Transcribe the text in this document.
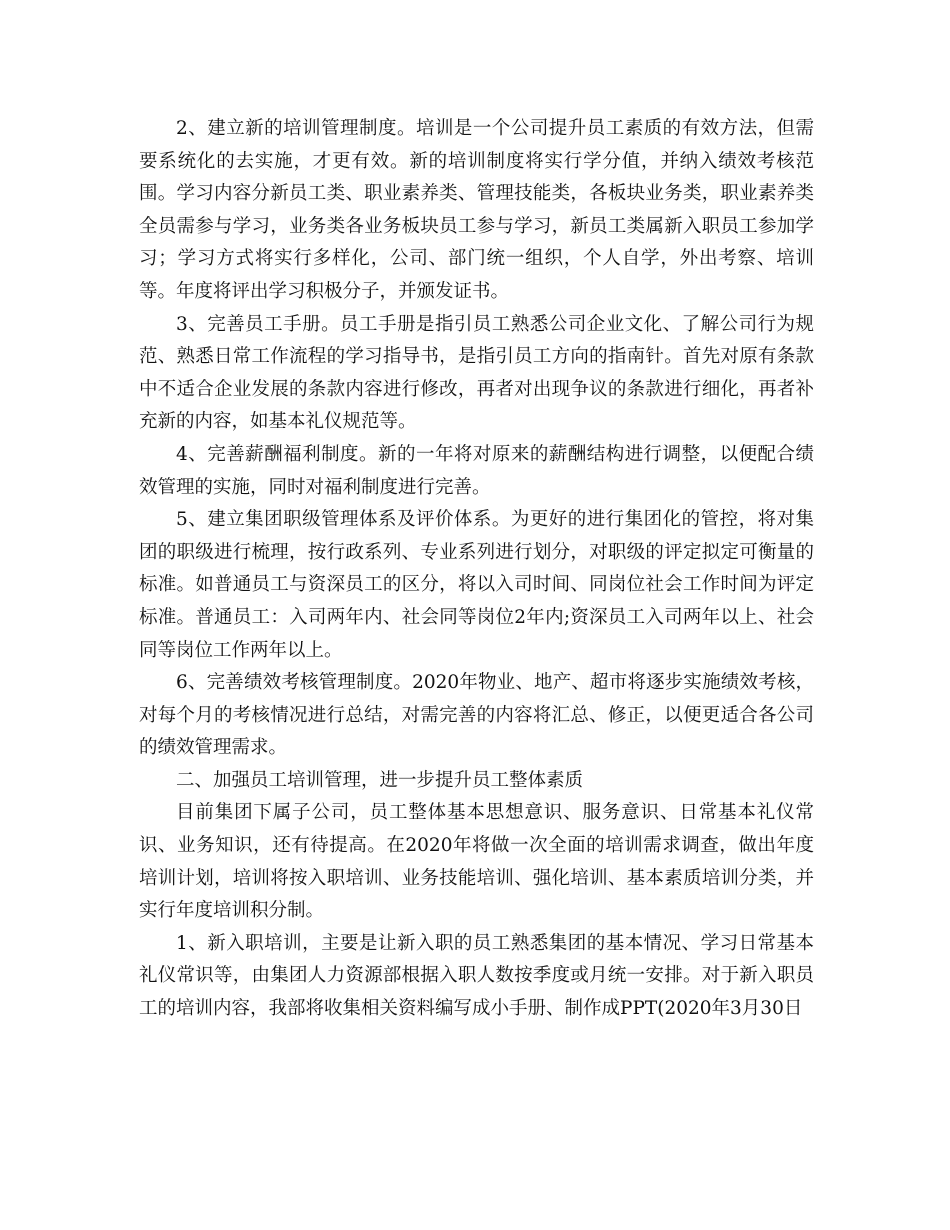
2、建立新的培训管理制度。培训是一个公司提升员工素质的有效方法，但需要系统化的去实施，才更有效。新的培训制度将实行学分值，并纳入绩效考核范围。学习内容分新员工类、职业素养类、管理技能类，各板块业务类，职业素养类全员需参与学习，业务类各业务板块员工参与学习，新员工类属新入职员工参加学习；学习方式将实行多样化，公司、部门统一组织，个人自学，外出考察、培训等。年度将评出学习积极分子，并颁发证书。

3、完善员工手册。员工手册是指引员工熟悉公司企业文化、了解公司行为规范、熟悉日常工作流程的学习指导书，是指引员工方向的指南针。首先对原有条款中不适合企业发展的条款内容进行修改，再者对出现争议的条款进行细化，再者补充新的内容，如基本礼仪规范等。

4、完善薪酬福利制度。新的一年将对原来的薪酬结构进行调整，以便配合绩效管理的实施，同时对福利制度进行完善。

5、建立集团职级管理体系及评价体系。为更好的进行集团化的管控，将对集团的职级进行梳理，按行政系列、专业系列进行划分，对职级的评定拟定可衡量的标准。如普通员工与资深员工的区分，将以入司时间、同岗位社会工作时间为评定标准。普通员工：入司两年内、社会同等岗位2年内;资深员工入司两年以上、社会同等岗位工作两年以上。

6、完善绩效考核管理制度。2020年物业、地产、超市将逐步实施绩效考核，对每个月的考核情况进行总结，对需完善的内容将汇总、修正，以便更适合各公司的绩效管理需求。

二、加强员工培训管理，进一步提升员工整体素质

目前集团下属子公司，员工整体基本思想意识、服务意识、日常基本礼仪常识、业务知识，还有待提高。在2020年将做一次全面的培训需求调查，做出年度培训计划，培训将按入职培训、业务技能培训、强化培训、基本素质培训分类，并实行年度培训积分制。

1、新入职培训，主要是让新入职的员工熟悉集团的基本情况、学习日常基本礼仪常识等，由集团人力资源部根据入职人数按季度或月统一安排。对于新入职员工的培训内容，我部将收集相关资料编写成小手册、制作成PPT(2020年3月30日
